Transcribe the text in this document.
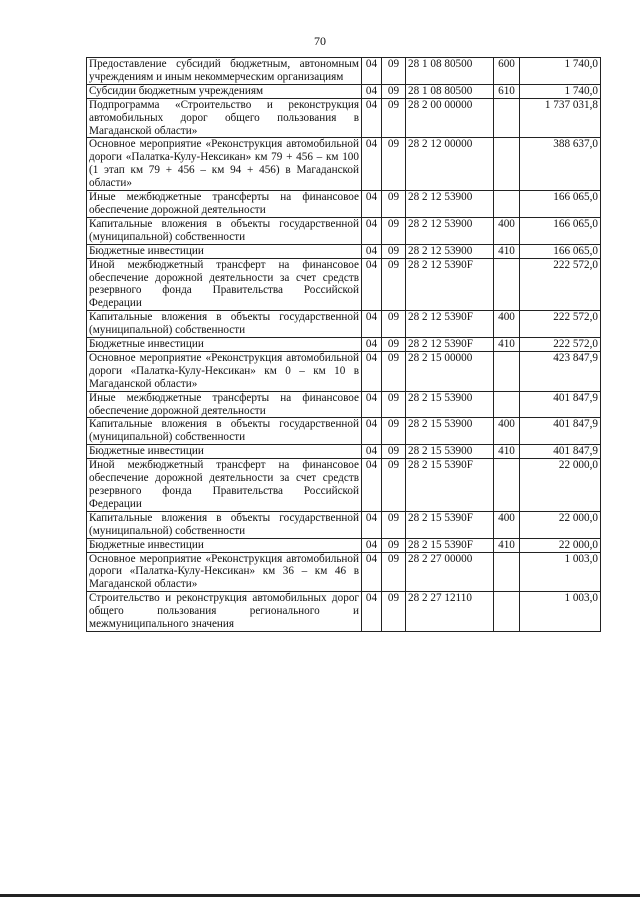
70
Предоставление субсидий бюджетным, автономным учреждениям и иным некоммерческим организациям	04	09	28 1 08 80500	600	1 740,0
Субсидии бюджетным учреждениям	04	09	28 1 08 80500	610	1 740,0
Подпрограмма «Строительство и реконструкция автомобильных дорог общего пользования в Магаданской области»	04	09	28 2 00 00000		1 737 031,8
Основное мероприятие «Реконструкция автомобильной дороги «Палатка-Кулу-Нексикан» км 79 + 456 – км 100 (1 этап км 79 + 456 – км 94 + 456) в Магаданской области»	04	09	28 2 12 00000		388 637,0
Иные межбюджетные трансферты на финансовое обеспечение дорожной деятельности	04	09	28 2 12 53900		166 065,0
Капитальные вложения в объекты государственной (муниципальной) собственности	04	09	28 2 12 53900	400	166 065,0
Бюджетные инвестиции	04	09	28 2 12 53900	410	166 065,0
Иной межбюджетный трансферт на финансовое обеспечение дорожной деятельности за счет средств резервного фонда Правительства Российской Федерации	04	09	28 2 12 5390F		222 572,0
Капитальные вложения в объекты государственной (муниципальной) собственности	04	09	28 2 12 5390F	400	222 572,0
Бюджетные инвестиции	04	09	28 2 12 5390F	410	222 572,0
Основное мероприятие «Реконструкция автомобильной дороги «Палатка-Кулу-Нексикан» км 0 – км 10 в Магаданской области»	04	09	28 2 15 00000		423 847,9
Иные межбюджетные трансферты на финансовое обеспечение дорожной деятельности	04	09	28 2 15 53900		401 847,9
Капитальные вложения в объекты государственной (муниципальной) собственности	04	09	28 2 15 53900	400	401 847,9
Бюджетные инвестиции	04	09	28 2 15 53900	410	401 847,9
Иной межбюджетный трансферт на финансовое обеспечение дорожной деятельности за счет средств резервного фонда Правительства Российской Федерации	04	09	28 2 15 5390F		22 000,0
Капитальные вложения в объекты государственной (муниципальной) собственности	04	09	28 2 15 5390F	400	22 000,0
Бюджетные инвестиции	04	09	28 2 15 5390F	410	22 000,0
Основное мероприятие «Реконструкция автомобильной дороги «Палатка-Кулу-Нексикан» км 36 – км 46 в Магаданской области»	04	09	28 2 27 00000		1 003,0
Строительство и реконструкция автомобильных дорог общего пользования регионального и межмуниципального значения	04	09	28 2 27 12110		1 003,0
